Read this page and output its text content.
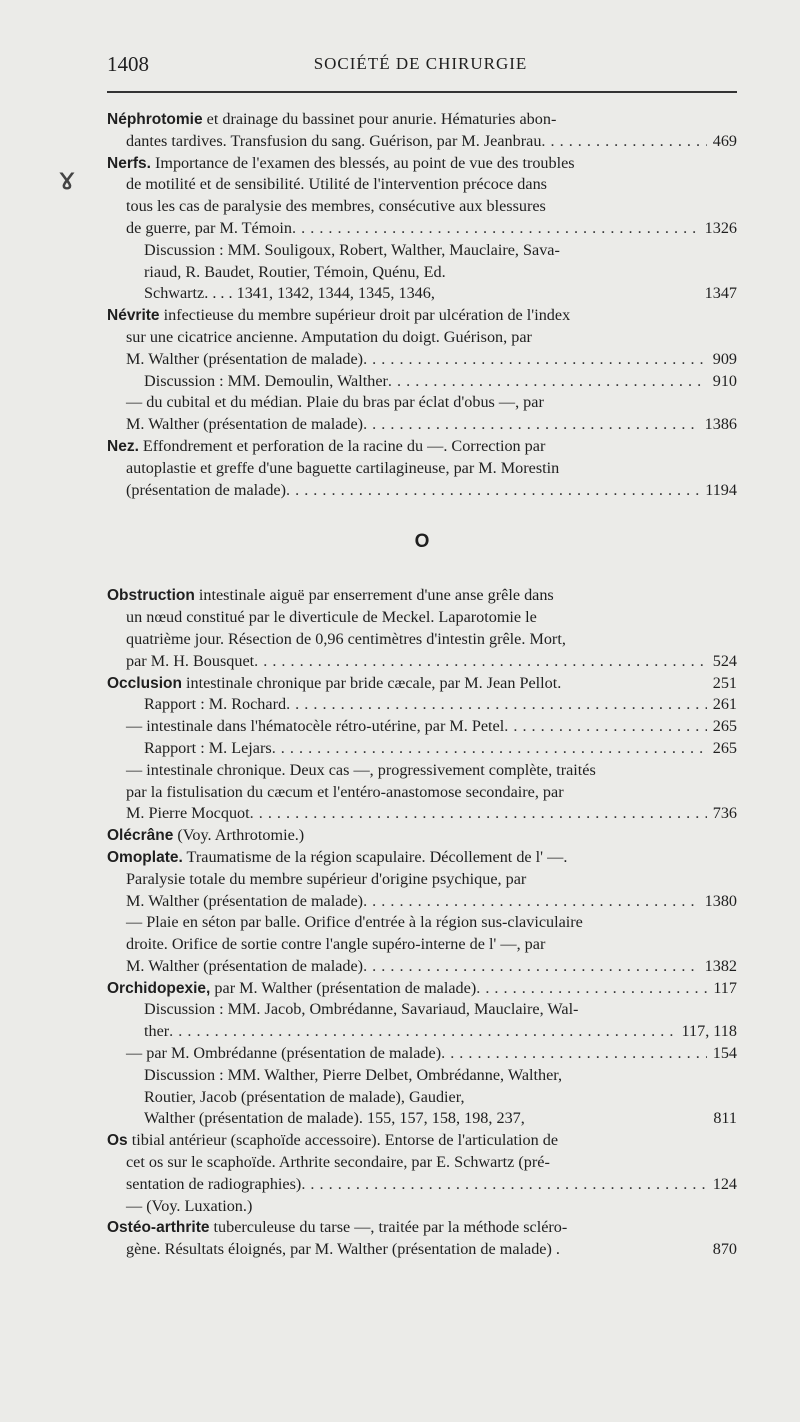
1408	SOCIÉTÉ DE CHIRURGIE
ɤ
Néphrotomie et drainage du bassinet pour anurie. Hématuries abon-
dantes tardives. Transfusion du sang. Guérison, par M. Jeanbrau . . .	469
Nerfs. Importance de l'examen des blessés, au point de vue des troubles
de motilité et de sensibilité. Utilité de l'intervention précoce dans
tous les cas de paralysie des membres, consécutive aux blessures
de guerre, par M. Témoin . . .	1326
Discussion : MM. Souligoux, Robert, Walther, Mauclaire, Sava-
riaud, R. Baudet, Routier, Témoin, Quénu, Ed.
Schwartz. . . . 1341, 1342, 1344, 1345, 1346,	1347
Névrite infectieuse du membre supérieur droit par ulcération de l'index
sur une cicatrice ancienne. Amputation du doigt. Guérison, par
M. Walther (présentation de malade) . . .	909
Discussion : MM. Demoulin, Walther . . .	910
— du cubital et du médian. Plaie du bras par éclat d'obus —, par
M. Walther (présentation de malade) . . .	1386
Nez. Effondrement et perforation de la racine du —. Correction par
autoplastie et greffe d'une baguette cartilagineuse, par M. Morestin
(présentation de malade) . . .	1194
O
Obstruction intestinale aiguë par enserrement d'une anse grêle dans
un nœud constitué par le diverticule de Meckel. Laparotomie le
quatrième jour. Résection de 0,96 centimètres d'intestin grêle. Mort,
par M. H. Bousquet . . .	524
Occlusion intestinale chronique par bride cæcale, par M. Jean Pellot.	251
Rapport : M. Rochard . . .	261
— intestinale dans l'hématocèle rétro-utérine, par M. Petel . . .	265
Rapport : M. Lejars . . .	265
— intestinale chronique. Deux cas —, progressivement complète, traités
par la fistulisation du cæcum et l'entéro-anastomose secondaire, par
M. Pierre Mocquot . . .	736
Olécrâne (Voy. Arthrotomie.)
Omoplate. Traumatisme de la région scapulaire. Décollement de l' —.
Paralysie totale du membre supérieur d'origine psychique, par
M. Walther (présentation de malade) . . .	1380
— Plaie en séton par balle. Orifice d'entrée à la région sus-claviculaire
droite. Orifice de sortie contre l'angle supéro-interne de l' —, par
M. Walther (présentation de malade) . . .	1382
Orchidopexie, par M. Walther (présentation de malade) . . .	117
Discussion : MM. Jacob, Ombrédanne, Savariaud, Mauclaire, Wal-
ther . . .	117, 118
— par M. Ombrédanne (présentation de malade) . . .	154
Discussion : MM. Walther, Pierre Delbet, Ombrédanne, Walther,
Routier, Jacob (présentation de malade), Gaudier,
Walther (présentation de malade). 155, 157, 158, 198, 237,	811
Os tibial antérieur (scaphoïde accessoire). Entorse de l'articulation de
cet os sur le scaphoïde. Arthrite secondaire, par E. Schwartz (pré-
sentation de radiographies) . . .	124
— (Voy. Luxation.)
Ostéo-arthrite tuberculeuse du tarse —, traitée par la méthode scléro-
gène. Résultats éloignés, par M. Walther (présentation de malade) .	870
